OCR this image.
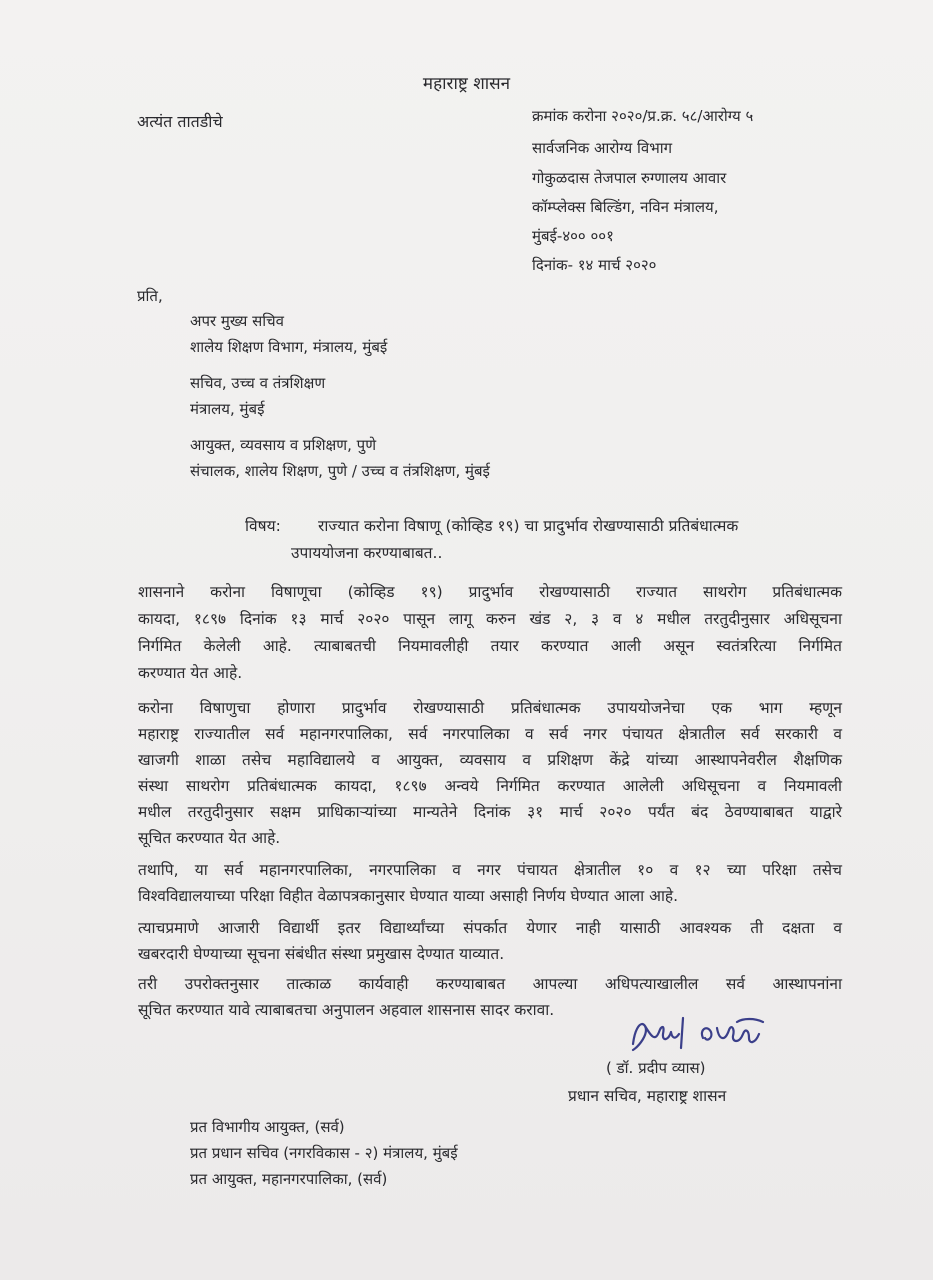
महाराष्ट्र शासन
अत्यंत तातडीचे	क्रमांक करोना २०२०/प्र.क्र. ५८/आरोग्य ५
सार्वजनिक आरोग्य विभाग
गोकुळदास तेजपाल रुग्णालय आवार
कॉम्प्लेक्स बिल्डिंग, नविन मंत्रालय,
मुंबई-४०० ००१
दिनांक- १४ मार्च २०२०
प्रति,
अपर मुख्य सचिव
शालेय शिक्षण विभाग, मंत्रालय, मुंबई
सचिव, उच्च व तंत्रशिक्षण
मंत्रालय, मुंबई
आयुक्त, व्यवसाय व प्रशिक्षण, पुणे
संचालक, शालेय शिक्षण, पुणे / उच्च व तंत्रशिक्षण, मुंबई
विषय: राज्यात करोना विषाणू (कोव्हिड १९) चा प्रादुर्भाव रोखण्यासाठी प्रतिबंधात्मक
उपाययोजना करण्याबाबत..
शासनाने करोना विषाणूचा (कोव्हिड १९) प्रादुर्भाव रोखण्यासाठी राज्यात साथरोग प्रतिबंधात्मक
कायदा, १८९७ दिनांक १३ मार्च २०२० पासून लागू करुन खंड २, ३ व ४ मधील तरतुदीनुसार अधिसूचना
निर्गमित केलेली आहे. त्याबाबतची नियमावलीही तयार करण्यात आली असून स्वतंत्ररित्या निर्गमित
करण्यात येत आहे.
करोना विषाणुचा होणारा प्रादुर्भाव रोखण्यासाठी प्रतिबंधात्मक उपाययोजनेचा एक भाग म्हणून
महाराष्ट्र राज्यातील सर्व महानगरपालिका, सर्व नगरपालिका व सर्व नगर पंचायत क्षेत्रातील सर्व सरकारी व
खाजगी शाळा तसेच महाविद्यालये व आयुक्त, व्यवसाय व प्रशिक्षण केंद्रे यांच्या आस्थापनेवरील शैक्षणिक
संस्था साथरोग प्रतिबंधात्मक कायदा, १८९७ अन्वये निर्गमित करण्यात आलेली अधिसूचना व नियमावली
मधील तरतुदीनुसार सक्षम प्राधिकाऱ्यांच्या मान्यतेने दिनांक ३१ मार्च २०२० पर्यंत बंद ठेवण्याबाबत याद्वारे
सूचित करण्यात येत आहे.
तथापि, या सर्व महानगरपालिका, नगरपालिका व नगर पंचायत क्षेत्रातील १० व १२ च्या परिक्षा तसेच
विश्वविद्यालयाच्या परिक्षा विहीत वेळापत्रकानुसार घेण्यात याव्या असाही निर्णय घेण्यात आला आहे.
त्याचप्रमाणे आजारी विद्यार्थी इतर विद्यार्थ्यांच्या संपर्कात येणार नाही यासाठी आवश्यक ती दक्षता व
खबरदारी घेण्याच्या सूचना संबंधीत संस्था प्रमुखास देण्यात याव्यात.
तरी उपरोक्तनुसार तात्काळ कार्यवाही करण्याबाबत आपल्या अधिपत्याखालील सर्व आस्थापनांना
सूचित करण्यात यावे त्याबाबतचा अनुपालन अहवाल शासनास सादर करावा.
( डॉ. प्रदीप व्यास)
प्रधान सचिव, महाराष्ट्र शासन
प्रत विभागीय आयुक्त, (सर्व)
प्रत प्रधान सचिव (नगरविकास - २) मंत्रालय, मुंबई
प्रत आयुक्त, महानगरपालिका, (सर्व)
